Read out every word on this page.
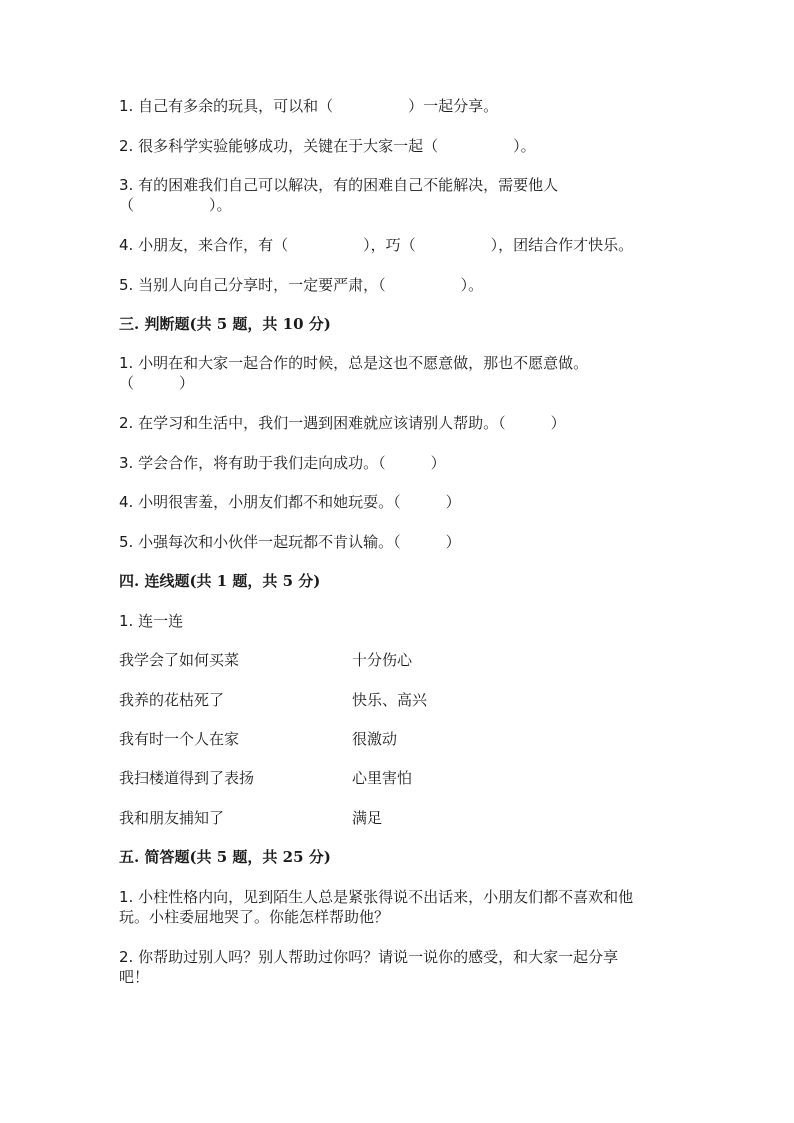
1. 自己有多余的玩具，可以和（　　　　　）一起分享。
2. 很多科学实验能够成功，关键在于大家一起（　　　　　）。
3. 有的困难我们自己可以解决，有的困难自己不能解决，需要他人
（　　　　　）。
4. 小朋友，来合作，有（　　　　　），巧（　　　　　），团结合作才快乐。
5. 当别人向自己分享时，一定要严肃，（　　　　　）。
三. 判断题(共 5 题，共 10 分)
1. 小明在和大家一起合作的时候，总是这也不愿意做，那也不愿意做。
（　　　）
2. 在学习和生活中，我们一遇到困难就应该请别人帮助。（　　　）
3. 学会合作，将有助于我们走向成功。（　　　）
4. 小明很害羞，小朋友们都不和她玩耍。（　　　）
5. 小强每次和小伙伴一起玩都不肯认输。（　　　）
四. 连线题(共 1 题，共 5 分)
1. 连一连
我学会了如何买菜	十分伤心
我养的花枯死了	快乐、高兴
我有时一个人在家	很激动
我扫楼道得到了表扬	心里害怕
我和朋友捕知了	满足
五. 简答题(共 5 题，共 25 分)
1. 小柱性格内向，见到陌生人总是紧张得说不出话来，小朋友们都不喜欢和他
玩。小柱委屈地哭了。你能怎样帮助他？
2. 你帮助过别人吗？别人帮助过你吗？请说一说你的感受，和大家一起分享
吧！
